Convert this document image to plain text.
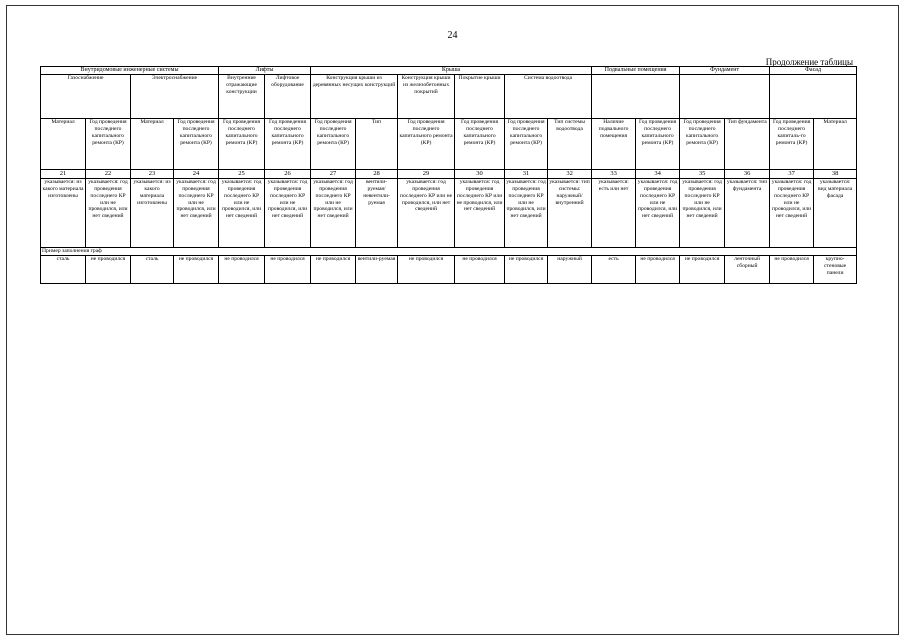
24
Продолжение таблицы
Внутридомовые инженерные системы				Лифты		Крыша						Подвальные помещения		Фундамент		Фасад	
Газоснабжение		Электроснабжение		Внутренние отражающие конструкции	Лифтовое оборудование	Конструкция крыши из деревянных несущих конструкций		Конструкция крыши из железобетонных покрытий	Покрытие крыши	Система водоотвода							
Материал	Год проведения последнего капитального ремонта (КР)	Материал	Год проведения последнего капитального ремонта (КР)	Год проведения последнего капитального ремонта (КР)	Год проведения последнего капитального ремонта (КР)	Год проведения последнего капитального ремонта (КР)	Тип	Год проведения последнего капитального ремонта (КР)	Год проведения последнего капитального ремонта (КР)	Год проведения последнего капитального ремонта (КР)	Тип системы водоотвода	Наличие подвального помещения	Год проведения последнего капитального ремонта (КР)	Год проведения последнего капитального ремонта (КР)	Тип фундамента	Год проведения последнего капиталь-го ремонта (КР)	Материал
21	22	23	24	25	26	27	28	29	30	31	32	33	34	35	36	37	38
указывается: из какого материала изготовлены	указывается: год проведения последнего КР или не проводился, или нет сведений	указывается: из какого материала изготовлены	указывается: год проведения последнего КР или не проводился, или нет сведений	указывается: год проведения последнего КР или не проводился, или нет сведений	указывается: год проведения последнего КР или не проводился, или нет сведений	указывается: год проведения последнего КР или не проводился, или нет сведений	вентили-руемая/ невентили-руемая	указывается: год проведения последнего КР или не проводился, или нет сведений	указывается: год проведения последнего КР или не проводился, или нет сведений	указывается: год проведения последнего КР или не проводился, или нет сведений	указывается: тип системы: наружный/ внутренний	указывается: есть или нет	указывается: год проведения последнего КР или не проводился, или нет сведений	указывается: год проведения последнего КР или не проводился, или нет сведений	указывается: тип фундамента	указывается: год проведения последнего КР или не проводился, или нет сведений	указывается: вид материала фасада
Пример заполнения граф																	
сталь	не проводился	сталь	не проводился	не проводился	не проводился	не проводился	вентили-руемая	не проводился	не проводился	не проводился	наружный	есть	не проводился	не проводился	ленточный сборный	не проводился	крупно-стеновые панели
